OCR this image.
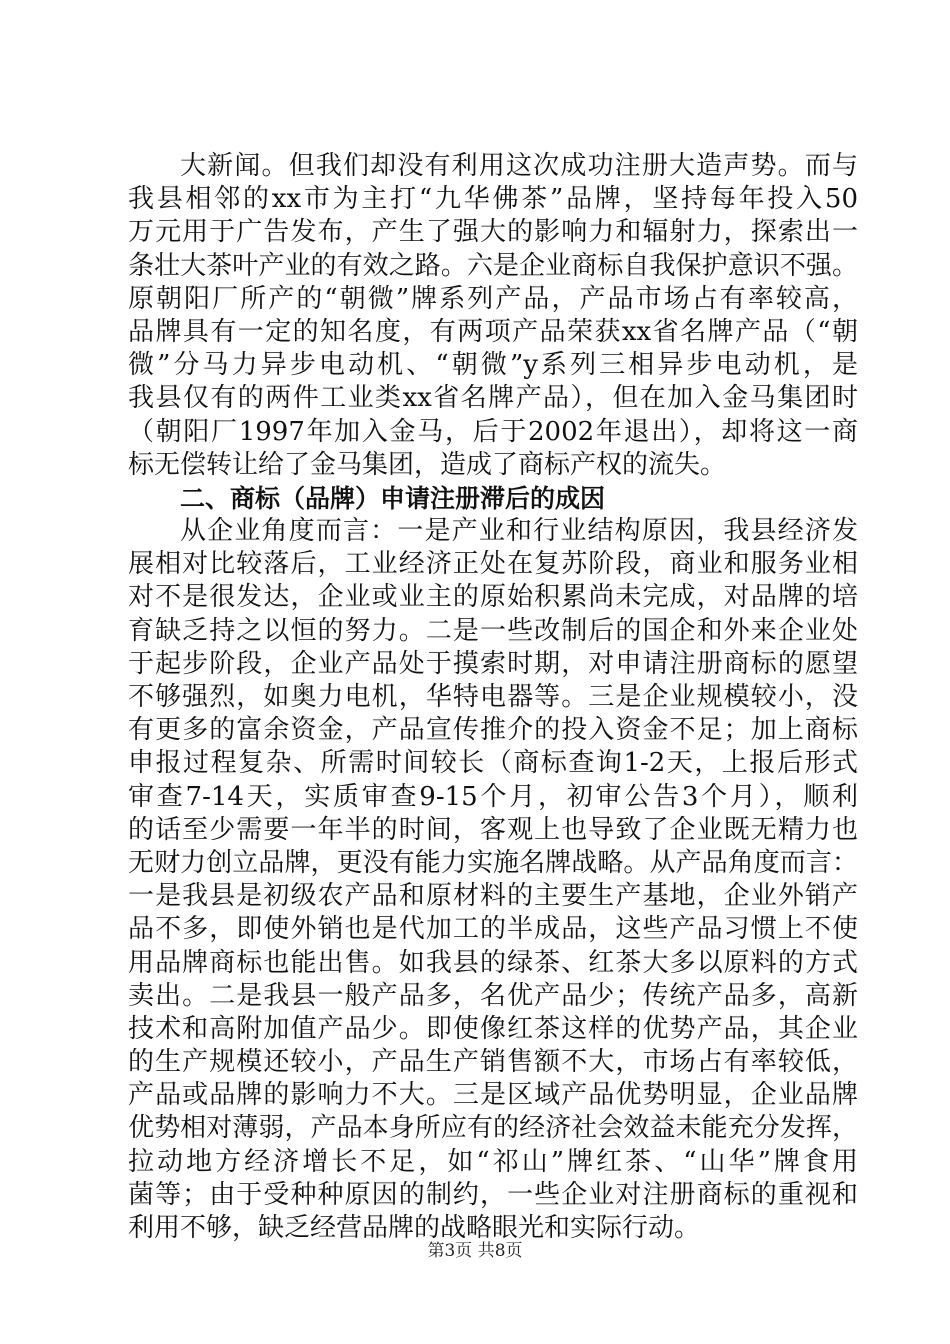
大新闻。但我们却没有利用这次成功注册大造声势。而与
我县相邻的xx市为主打“九华佛茶”品牌，坚持每年投入50
万元用于广告发布，产生了强大的影响力和辐射力，探索出一
条壮大茶叶产业的有效之路。六是企业商标自我保护意识不强。
原朝阳厂所产的“朝微”牌系列产品，产品市场占有率较高，
品牌具有一定的知名度，有两项产品荣获xx省名牌产品（“朝
微”分马力异步电动机、“朝微”y系列三相异步电动机，是
我县仅有的两件工业类xx省名牌产品），但在加入金马集团时
（朝阳厂1997年加入金马，后于2002年退出），却将这一商
标无偿转让给了金马集团，造成了商标产权的流失。
二、商标（品牌）申请注册滞后的成因
从企业角度而言：一是产业和行业结构原因，我县经济发
展相对比较落后，工业经济正处在复苏阶段，商业和服务业相
对不是很发达，企业或业主的原始积累尚未完成，对品牌的培
育缺乏持之以恒的努力。二是一些改制后的国企和外来企业处
于起步阶段，企业产品处于摸索时期，对申请注册商标的愿望
不够强烈，如奥力电机，华特电器等。三是企业规模较小，没
有更多的富余资金，产品宣传推介的投入资金不足；加上商标
申报过程复杂、所需时间较长（商标查询1-2天，上报后形式
审查7-14天，实质审查9-15个月，初审公告3个月），顺利
的话至少需要一年半的时间，客观上也导致了企业既无精力也
无财力创立品牌，更没有能力实施名牌战略。从产品角度而言：
一是我县是初级农产品和原材料的主要生产基地，企业外销产
品不多，即使外销也是代加工的半成品，这些产品习惯上不使
用品牌商标也能出售。如我县的绿茶、红茶大多以原料的方式
卖出。二是我县一般产品多，名优产品少；传统产品多，高新
技术和高附加值产品少。即使像红茶这样的优势产品，其企业
的生产规模还较小，产品生产销售额不大，市场占有率较低，
产品或品牌的影响力不大。三是区域产品优势明显，企业品牌
优势相对薄弱，产品本身所应有的经济社会效益未能充分发挥，
拉动地方经济增长不足，如“祁山”牌红茶、“山华”牌食用
菌等；由于受种种原因的制约，一些企业对注册商标的重视和
利用不够，缺乏经营品牌的战略眼光和实际行动。
第3页 共8页
